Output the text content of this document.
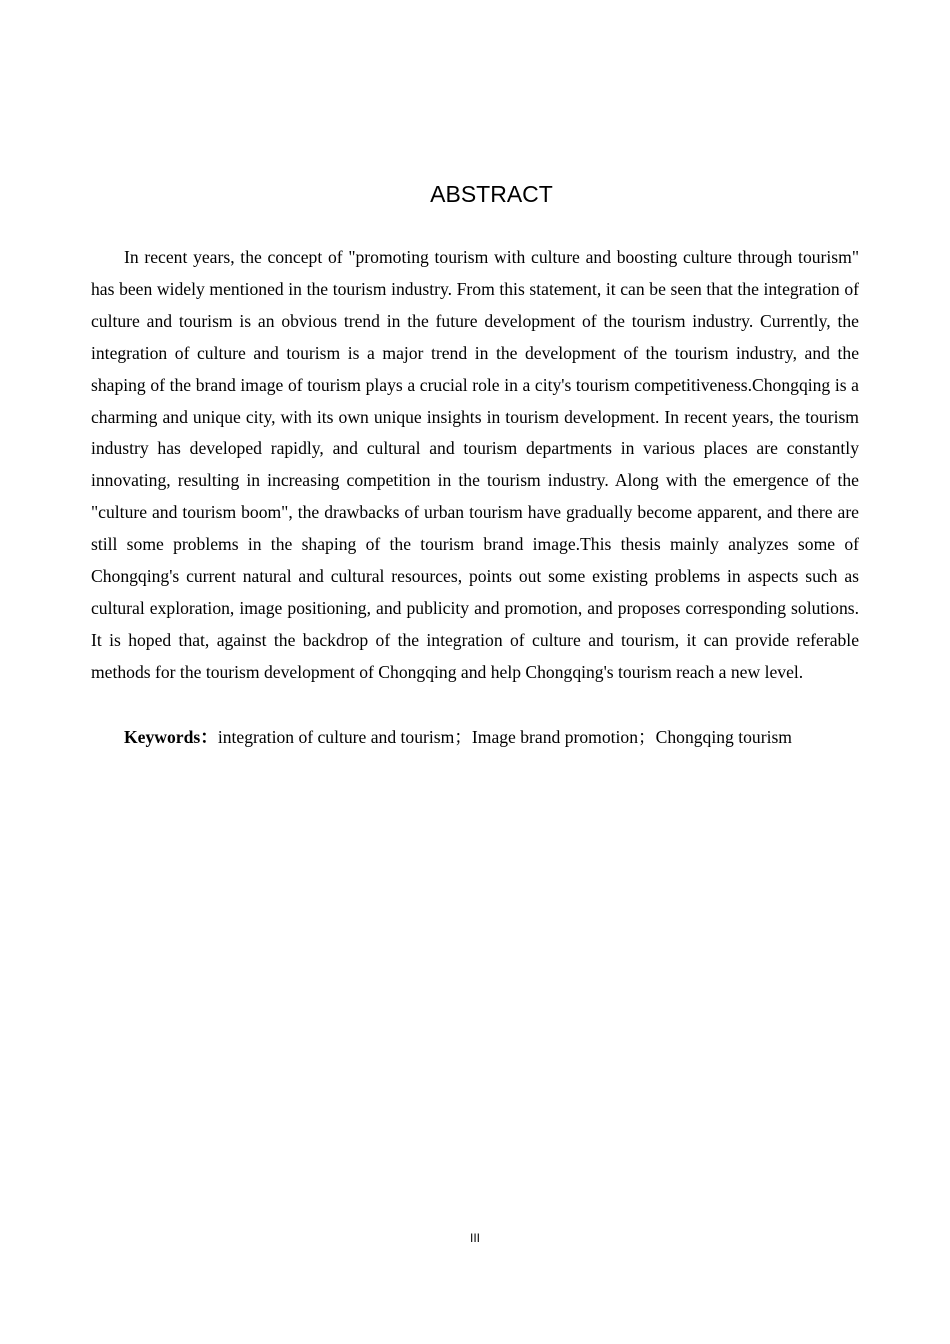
ABSTRACT

In recent years, the concept of "promoting tourism with culture and boosting culture through tourism" has been widely mentioned in the tourism industry. From this statement, it can be seen that the integration of culture and tourism is an obvious trend in the future development of the tourism industry. Currently, the integration of culture and tourism is a major trend in the development of the tourism industry, and the shaping of the brand image of tourism plays a crucial role in a city's tourism competitiveness.Chongqing is a charming and unique city, with its own unique insights in tourism development. In recent years, the tourism industry has developed rapidly, and cultural and tourism departments in various places are constantly innovating, resulting in increasing competition in the tourism industry. Along with the emergence of the "culture and tourism boom", the drawbacks of urban tourism have gradually become apparent, and there are still some problems in the shaping of the tourism brand image.This thesis mainly analyzes some of Chongqing's current natural and cultural resources, points out some existing problems in aspects such as cultural exploration, image positioning, and publicity and promotion, and proposes corresponding solutions. It is hoped that, against the backdrop of the integration of culture and tourism, it can provide referable methods for the tourism development of Chongqing and help Chongqing's tourism reach a new level.

Keywords：integration of culture and tourism；Image brand promotion；Chongqing tourism

III
